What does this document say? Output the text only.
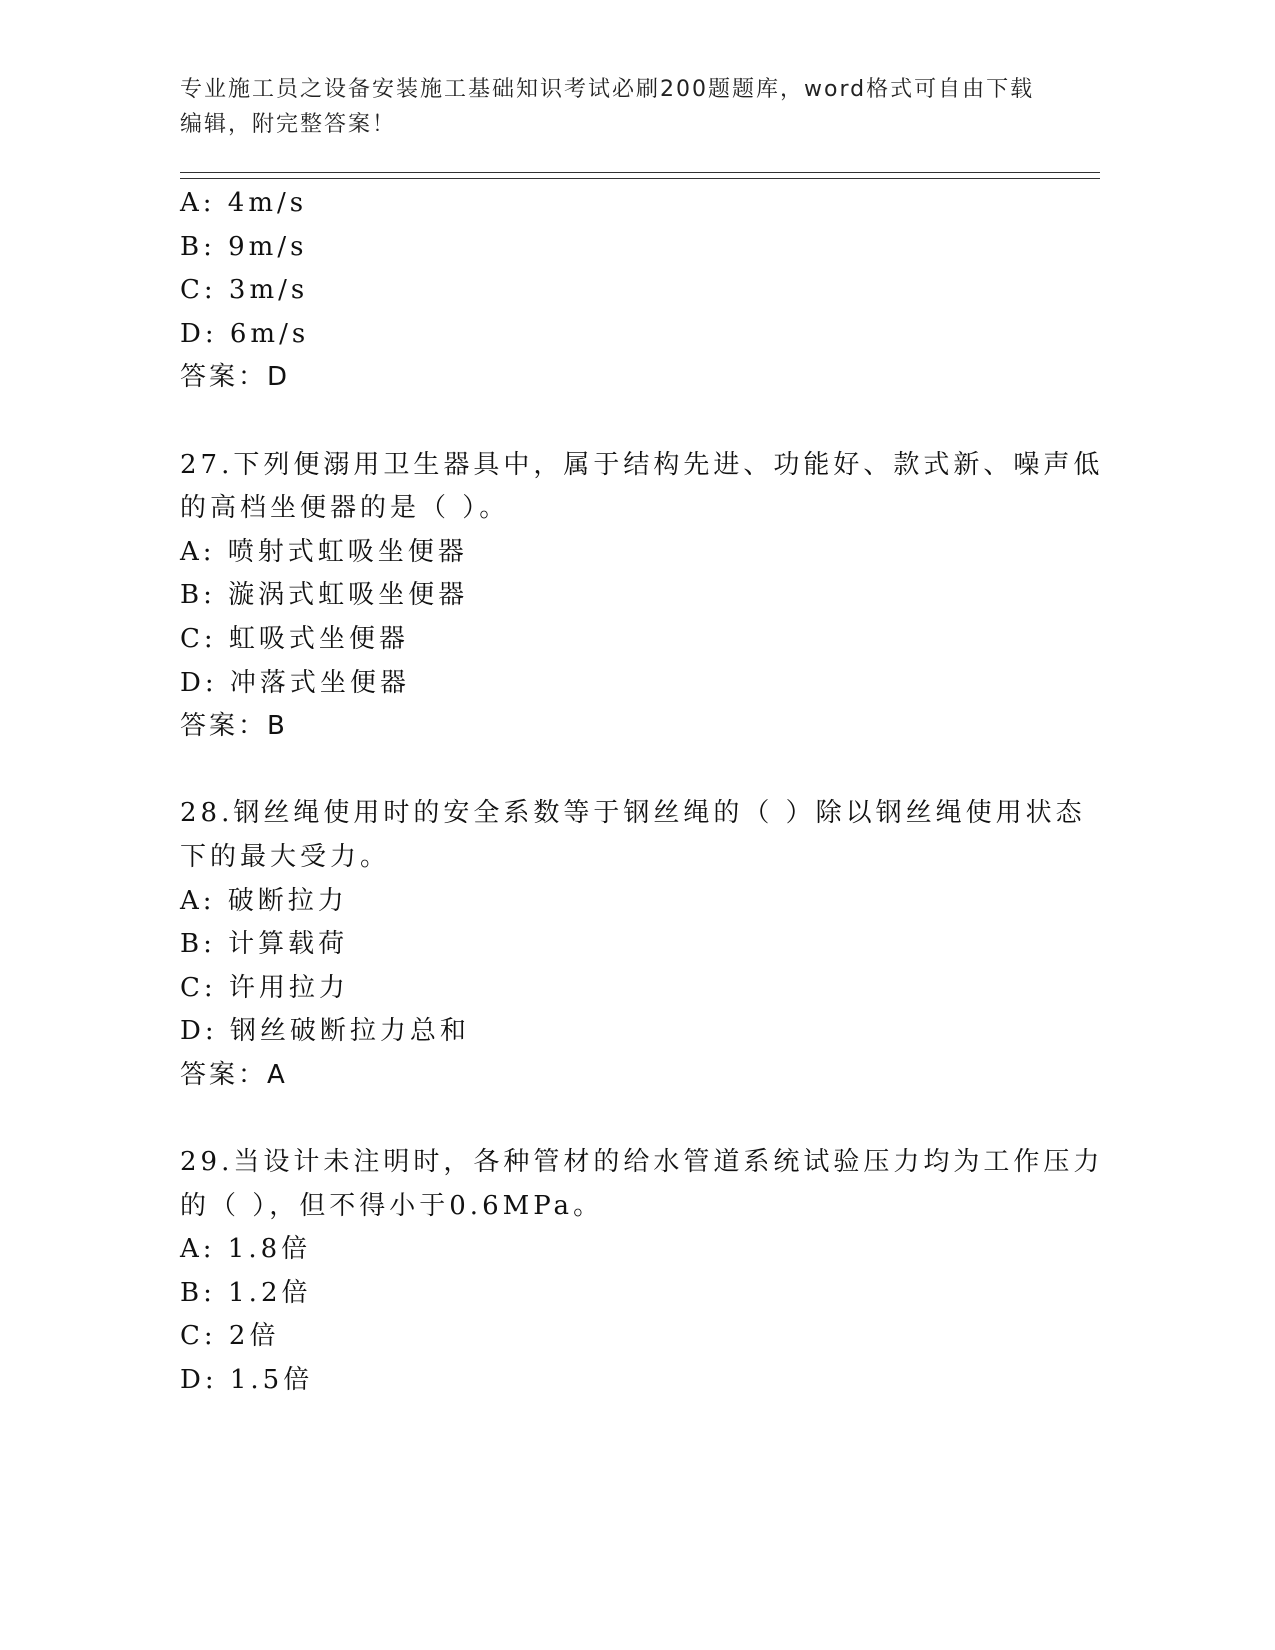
专业施工员之设备安装施工基础知识考试必刷200题题库，word格式可自由下载
编辑，附完整答案！
A: 4m/s
B: 9m/s
C: 3m/s
D: 6m/s
答案：D
27.下列便溺用卫生器具中，属于结构先进、功能好、款式新、噪声低
的高档坐便器的是（ ）。
A: 喷射式虹吸坐便器
B: 漩涡式虹吸坐便器
C: 虹吸式坐便器
D: 冲落式坐便器
答案：B
28.钢丝绳使用时的安全系数等于钢丝绳的（ ）除以钢丝绳使用状态
下的最大受力。
A: 破断拉力
B: 计算载荷
C: 许用拉力
D: 钢丝破断拉力总和
答案：A
29.当设计未注明时，各种管材的给水管道系统试验压力均为工作压力
的（ ），但不得小于0.6MPa。
A: 1.8倍
B: 1.2倍
C: 2倍
D: 1.5倍
